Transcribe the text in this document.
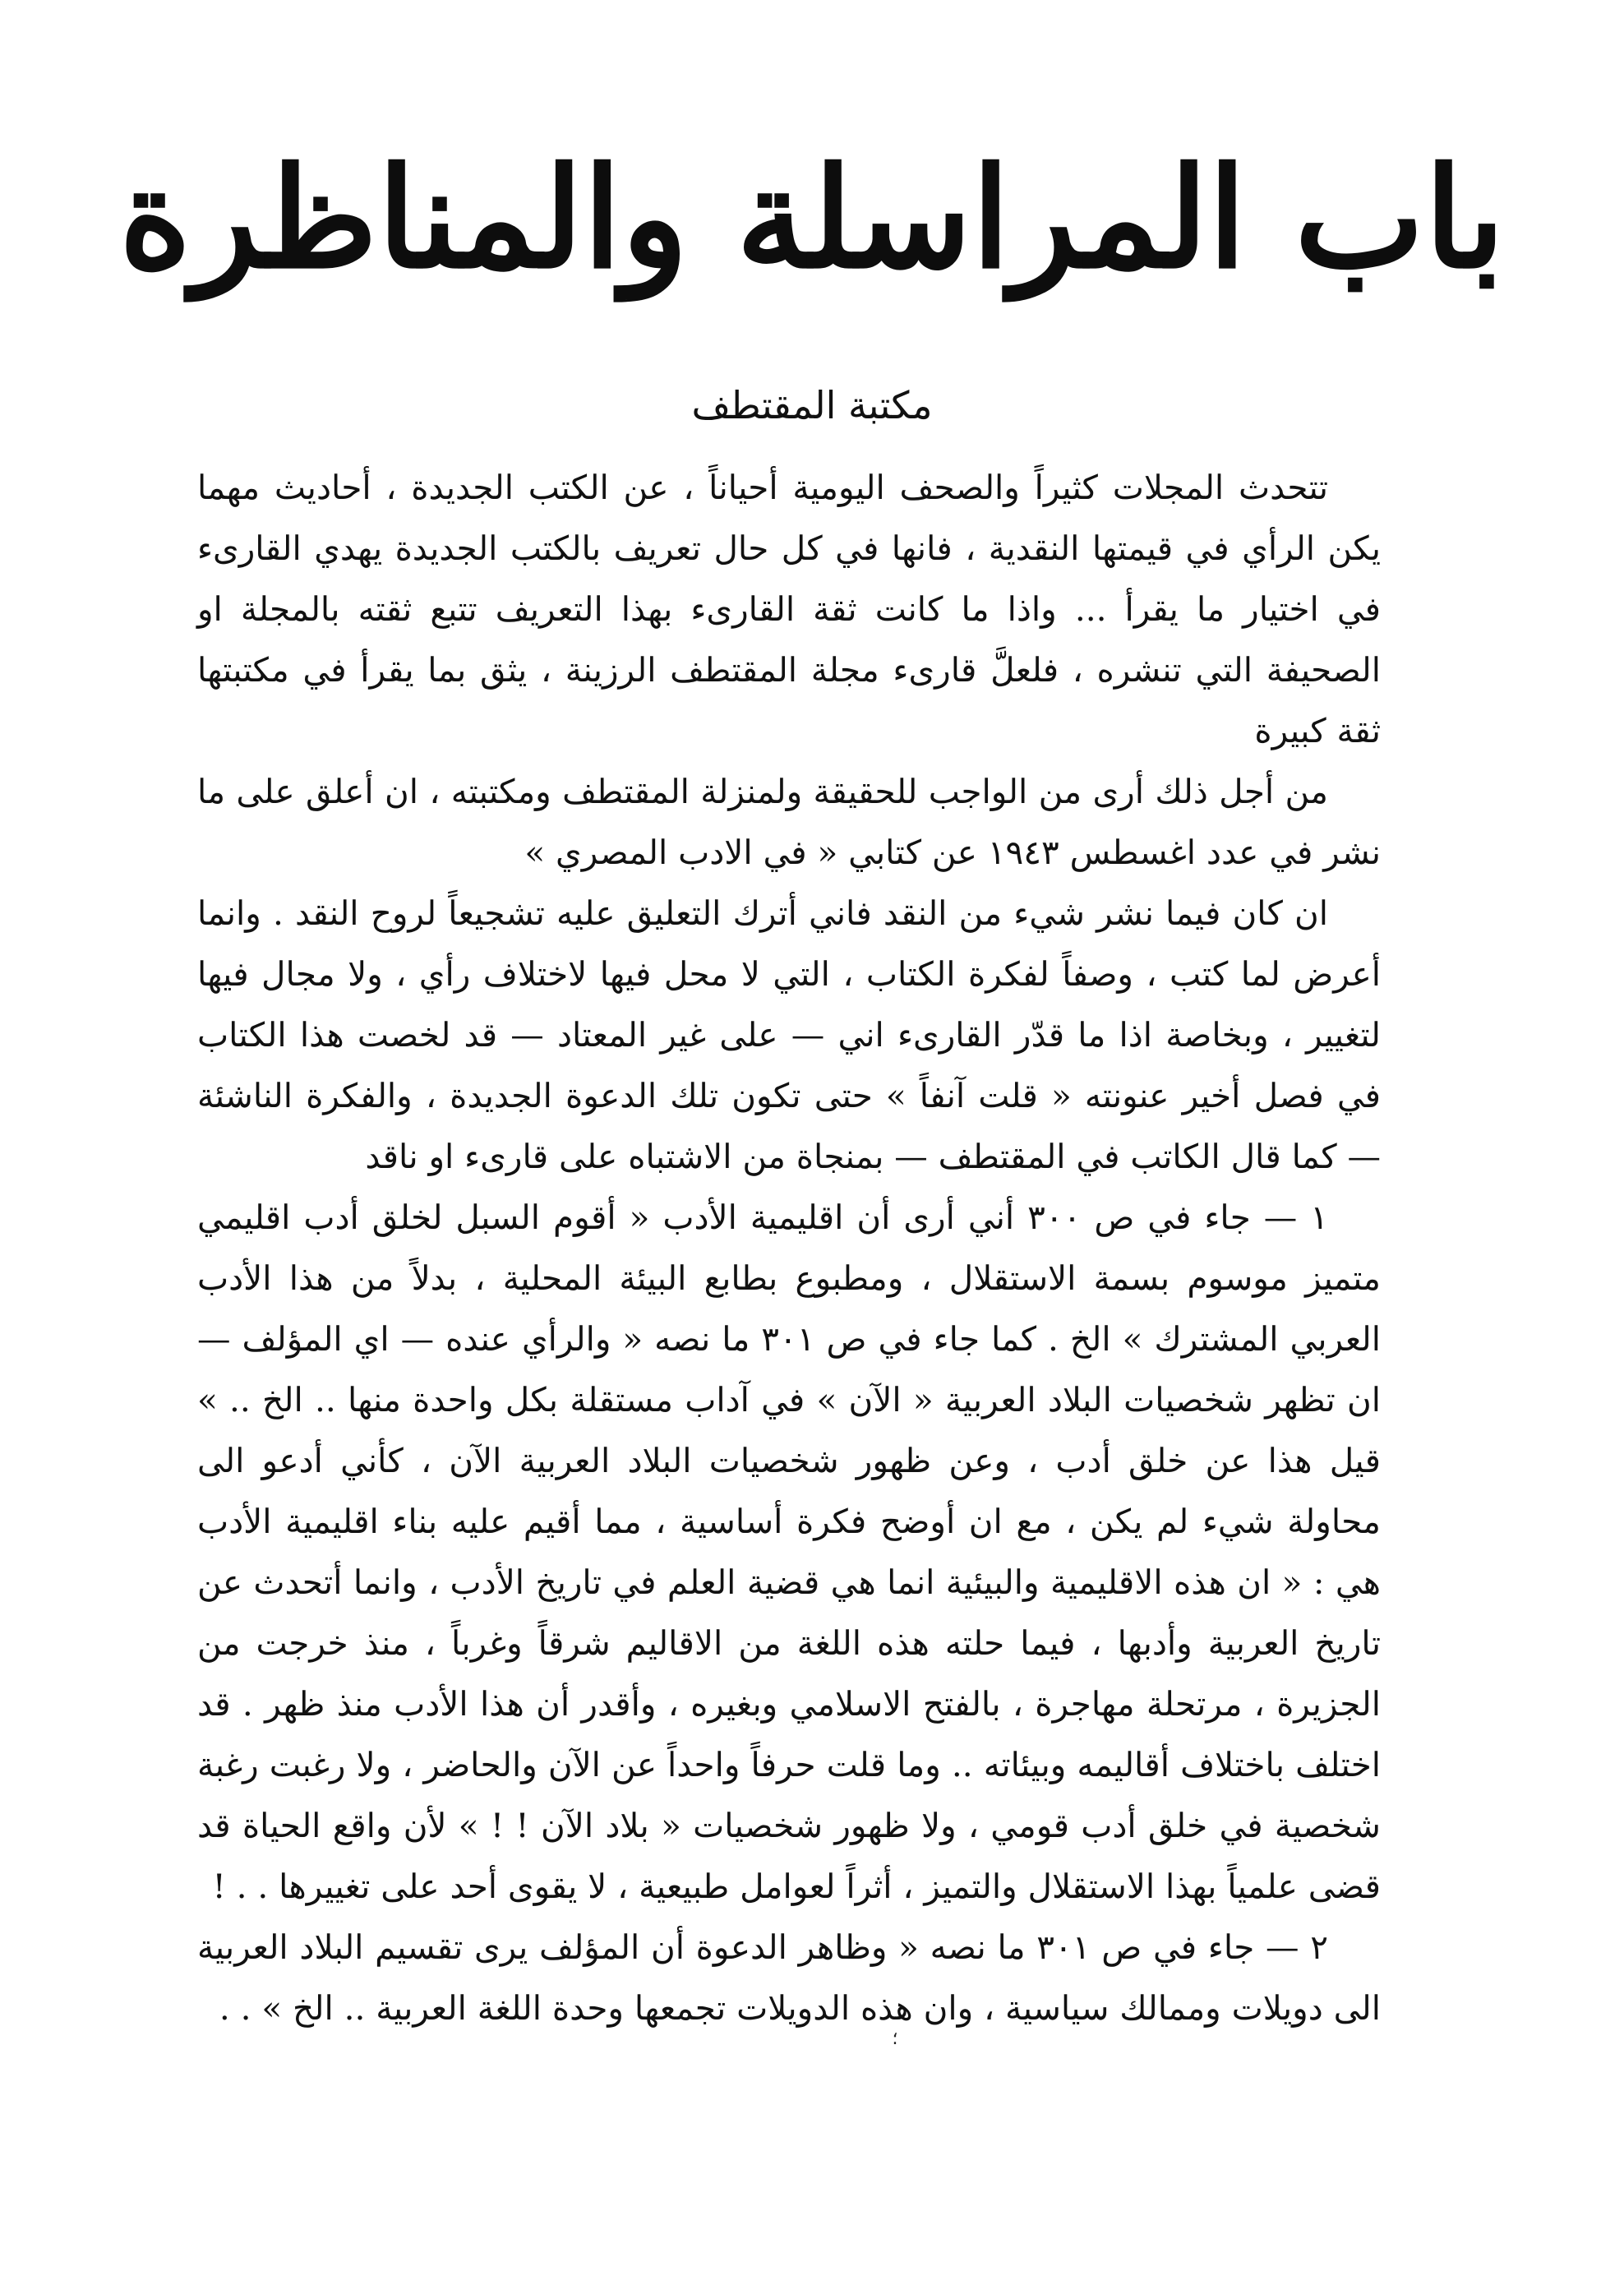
باب المراسلة والمناظرة
مكتبة المقتطف

تتحدث المجلات كثيراً والصحف اليومية أحياناً ، عن الكتب الجديدة ، أحاديث مهما يكن الرأي في قيمتها النقدية ، فانها في كل حال تعريف بالكتب الجديدة يهدي القارىء في اختيار ما يقرأ ... واذا ما كانت ثقة القارىء بهذا التعريف تتبع ثقته بالمجلة او الصحيفة التي تنشره ، فلعلَّ قارىء مجلة المقتطف الرزينة ، يثق بما يقرأ في مكتبتها ثقة كبيرة

من أجل ذلك أرى من الواجب للحقيقة ولمنزلة المقتطف ومكتبته ، ان أعلق على ما نشر في عدد اغسطس ١٩٤٣ عن كتابي « في الادب المصري »

ان كان فيما نشر شيء من النقد فاني أترك التعليق عليه تشجيعاً لروح النقد . وانما أعرض لما كتب ، وصفاً لفكرة الكتاب ، التي لا محل فيها لاختلاف رأي ، ولا مجال فيها لتغيير ، وبخاصة اذا ما قدّر القارىء اني — على غير المعتاد — قد لخصت هذا الكتاب في فصل أخير عنونته « قلت آنفاً » حتى تكون تلك الدعوة الجديدة ، والفكرة الناشئة — كما قال الكاتب في المقتطف — بمنجاة من الاشتباه على قارىء او ناقد

١ — جاء في ص ٣٠٠ أني أرى أن اقليمية الأدب « أقوم السبل لخلق أدب اقليمي متميز موسوم بسمة الاستقلال ، ومطبوع بطابع البيئة المحلية ، بدلاً من هذا الأدب العربي المشترك » الخ . كما جاء في ص ٣٠١ ما نصه « والرأي عنده — اي المؤلف — ان تظهر شخصيات البلاد العربية « الآن » في آداب مستقلة بكل واحدة منها .. الخ .. » قيل هذا عن خلق أدب ، وعن ظهور شخصيات البلاد العربية الآن ، كأني أدعو الى محاولة شيء لم يكن ، مع ان أوضح فكرة أساسية ، مما أقيم عليه بناء اقليمية الأدب هي : « ان هذه الاقليمية والبيئية انما هي قضية العلم في تاريخ الأدب ، وانما أتحدث عن تاريخ العربية وأدبها ، فيما حلته هذه اللغة من الاقاليم شرقاً وغرباً ، منذ خرجت من الجزيرة ، مرتحلة مهاجرة ، بالفتح الاسلامي وبغيره ، وأقدر أن هذا الأدب منذ ظهر . قد اختلف باختلاف أقاليمه وبيئاته .. وما قلت حرفاً واحداً عن الآن والحاضر ، ولا رغبت رغبة شخصية في خلق أدب قومي ، ولا ظهور شخصيات « بلاد الآن ! ! » لأن واقع الحياة قد قضى علمياً بهذا الاستقلال والتميز ، أثراً لعوامل طبيعية ، لا يقوى أحد على تغييرها . . !

٢ — جاء في ص ٣٠١ ما نصه « وظاهر الدعوة أن المؤلف يرى تقسيم البلاد العربية الى دويلات وممالك سياسية ، وان هذه الدويلات تجمعها وحدة اللغة العربية .. الخ » . .

؛
